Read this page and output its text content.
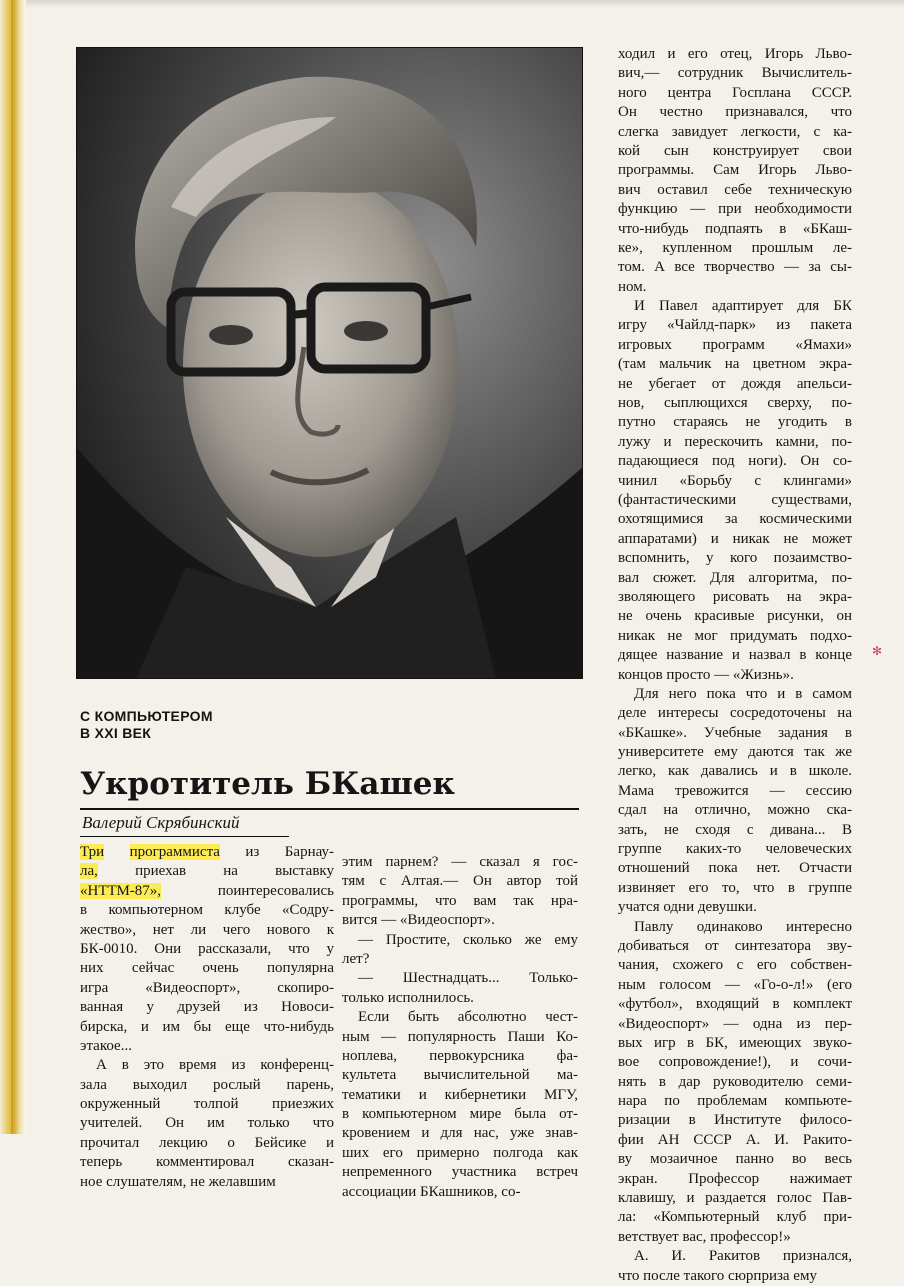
С КОМПЬЮТЕРОМ
В XXI ВЕК
Укротитель БКашек
Валерий Скрябинский
Три программиста из Барнау-
ла, приехав на выставку
«НТТМ-87»,	поинтересовались
в компьютерном клубе «Содру-
жество», нет ли чего нового к
БК-0010. Они рассказали, что у
них сейчас очень популярна
игра «Видеоспорт», скопиро-
ванная у друзей из Новоси-
бирска, и им бы еще что-нибудь
этакое...
А в это время из конференц-
зала выходил рослый парень,
окруженный толпой приезжих
учителей. Он им только что
прочитал лекцию о Бейсике и
теперь комментировал сказан-
ное слушателям, не желавшим
этим парнем? — сказал я гос-
тям с Алтая.— Он автор той
программы, что вам так нра-
вится — «Видеоспорт».
— Простите, сколько же ему
лет?
— Шестнадцать... Только-
только исполнилось.
Если быть абсолютно чест-
ным — популярность Паши Ко-
ноплева, первокурсника фа-
культета вычислительной ма-
тематики и кибернетики МГУ,
в компьютерном мире была от-
кровением и для нас, уже знав-
ших его примерно полгода как
непременного участника встреч
ассоциации БКашников, со-
ходил и его отец, Игорь Льво-
вич,— сотрудник Вычислитель-
ного центра Госплана СССР.
Он честно признавался, что
слегка завидует легкости, с ка-
кой сын конструирует свои
программы. Сам Игорь Льво-
вич оставил себе техническую
функцию — при необходимости
что-нибудь подпаять в «БКаш-
ке», купленном прошлым ле-
том. А все творчество — за сы-
ном.
И Павел адаптирует для БК
игру «Чайлд-парк» из пакета
игровых программ «Ямахи»
(там мальчик на цветном экра-
не убегает от дождя апельси-
нов, сыплющихся сверху, по-
путно стараясь не угодить в
лужу и перескочить камни, по-
падающиеся под ноги). Он со-
чинил «Борьбу с клингами»
(фантастическими существами,
охотящимися за космическими
аппаратами) и никак не может
вспомнить, у кого позаимство-
вал сюжет. Для алгоритма, по-
зволяющего рисовать на экра-
не очень красивые рисунки, он
никак не мог придумать подхо-
дящее название и назвал в конце
концов просто — «Жизнь».
Для него пока что и в самом
деле интересы сосредоточены на
«БКашке». Учебные задания в
университете ему даются так же
легко, как давались и в школе.
Мама тревожится — сессию
сдал на отлично, можно ска-
зать, не сходя с дивана... В
группе каких-то человеческих
отношений пока нет. Отчасти
извиняет его то, что в группе
учатся одни девушки.
Павлу одинаково интересно
добиваться от синтезатора зву-
чания, схожего с его собствен-
ным голосом — «Го-о-л!» (его
«футбол», входящий в комплект
«Видеоспорт» — одна из пер-
вых игр в БК, имеющих звуко-
вое сопровождение!), и сочи-
нять в дар руководителю семи-
нара по проблемам компьюте-
ризации в Институте филосо-
фии АН СССР А. И. Ракито-
ву мозаичное панно во весь
экран. Профессор нажимает
клавишу, и раздается голос Пав-
ла: «Компьютерный клуб при-
ветствует вас, профессор!»
А. И. Ракитов признался,
что после такого сюрприза ему
✻
